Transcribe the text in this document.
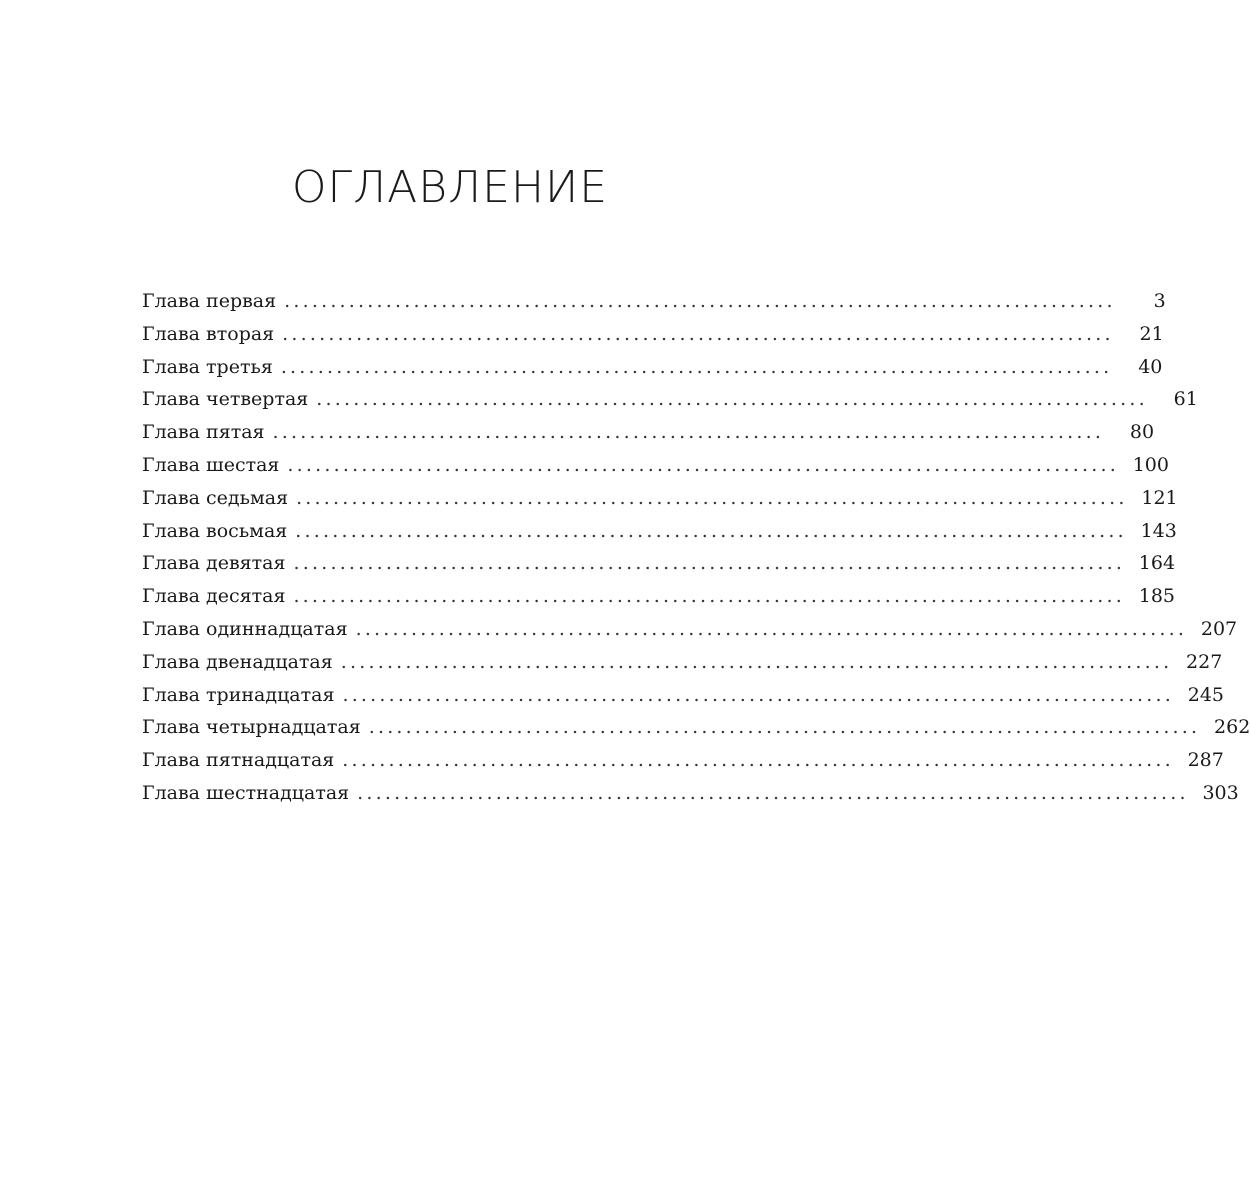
ОГЛАВЛЕНИЕ
Глава первая ..........................................................................................	3
Глава вторая ..........................................................................................	21
Глава третья ..........................................................................................	40
Глава четвертая ..........................................................................................	61
Глава пятая ..........................................................................................	80
Глава шестая .......................................................................................... 100
Глава седьмая .......................................................................................... 121
Глава восьмая .......................................................................................... 143
Глава девятая .......................................................................................... 164
Глава десятая .......................................................................................... 185
Глава одиннадцатая .......................................................................................... 207
Глава двенадцатая .......................................................................................... 227
Глава тринадцатая .......................................................................................... 245
Глава четырнадцатая .......................................................................................... 262
Глава пятнадцатая .......................................................................................... 287
Глава шестнадцатая .......................................................................................... 303
